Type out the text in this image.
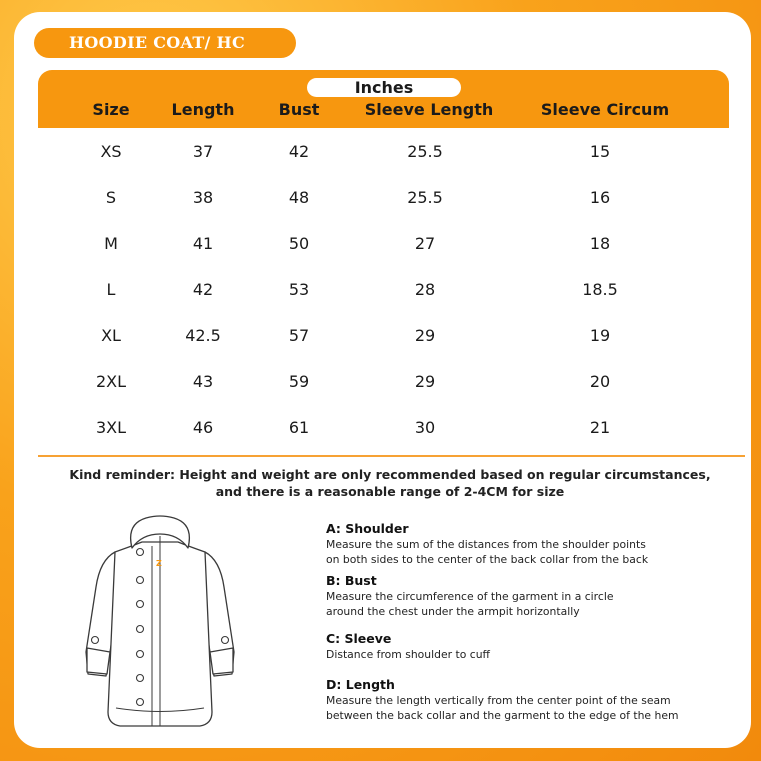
HOODIE COAT/ HC
Inches
Size	Length	Bust	Sleeve Length	Sleeve Circum
XS	37	42	25.5	15
S	38	48	25.5	16
M	41	50	27	18
L	42	53	28	18.5
XL	42.5	57	29	19
2XL	43	59	29	20
3XL	46	61	30	21
Kind reminder: Height and weight are only recommended based on regular circumstances,
and there is a reasonable range of 2-4CM for size
Z
A: Shoulder
Measure the sum of the distances from the shoulder points
on both sides to the center of the back collar from the back
B: Bust
Measure the circumference of the garment in a circle
around the chest under the armpit horizontally
C: Sleeve
Distance from shoulder to cuff
D: Length
Measure the length vertically from the center point of the seam
between the back collar and the garment to the edge of the hem
